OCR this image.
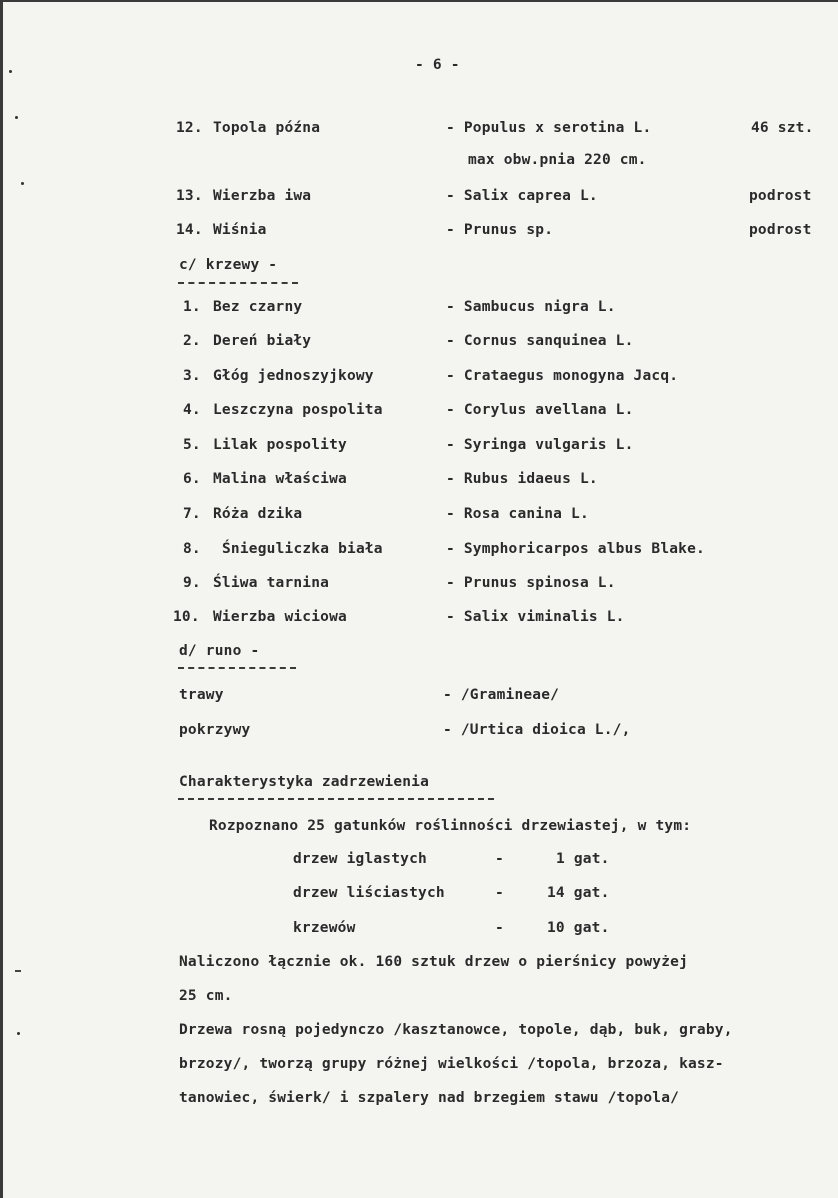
- 6 -
12. Topola późna	- Populus x serotina L.	46 szt.
max obw.pnia 220 cm.
13. Wierzba iwa	- Salix caprea L.	podrost
14. Wiśnia	- Prunus sp.	podrost
c/ krzewy -
1. Bez czarny	- Sambucus nigra L.
2. Dereń biały	- Cornus sanquinea L.
3. Głóg jednoszyjkowy	- Crataegus monogyna Jacq.
4. Leszczyna pospolita	- Corylus avellana L.
5. Lilak pospolity	- Syringa vulgaris L.
6. Malina właściwa	- Rubus idaeus L.
7. Róża dzika	- Rosa canina L.
8. Śnieguliczka biała	- Symphoricarpos albus Blake.
9. Śliwa tarnina	- Prunus spinosa L.
10. Wierzba wiciowa	- Salix viminalis L.
d/ runo -
trawy	- /Gramineae/
pokrzywy	- /Urtica dioica L./,
Charakterystyka zadrzewienia
Rozpoznano 25 gatunków roślinności drzewiastej, w tym:
drzew iglastych	-	1 gat.
drzew liściastych	-	14 gat.
krzewów	-	10 gat.
Naliczono łącznie ok. 160 sztuk drzew o pierśnicy powyżej
25 cm.
Drzewa rosną pojedynczo /kasztanowce, topole, dąb, buk, graby,
brzozy/, tworzą grupy różnej wielkości /topola, brzoza, kasz-
tanowiec, świerk/ i szpalery nad brzegiem stawu /topola/
